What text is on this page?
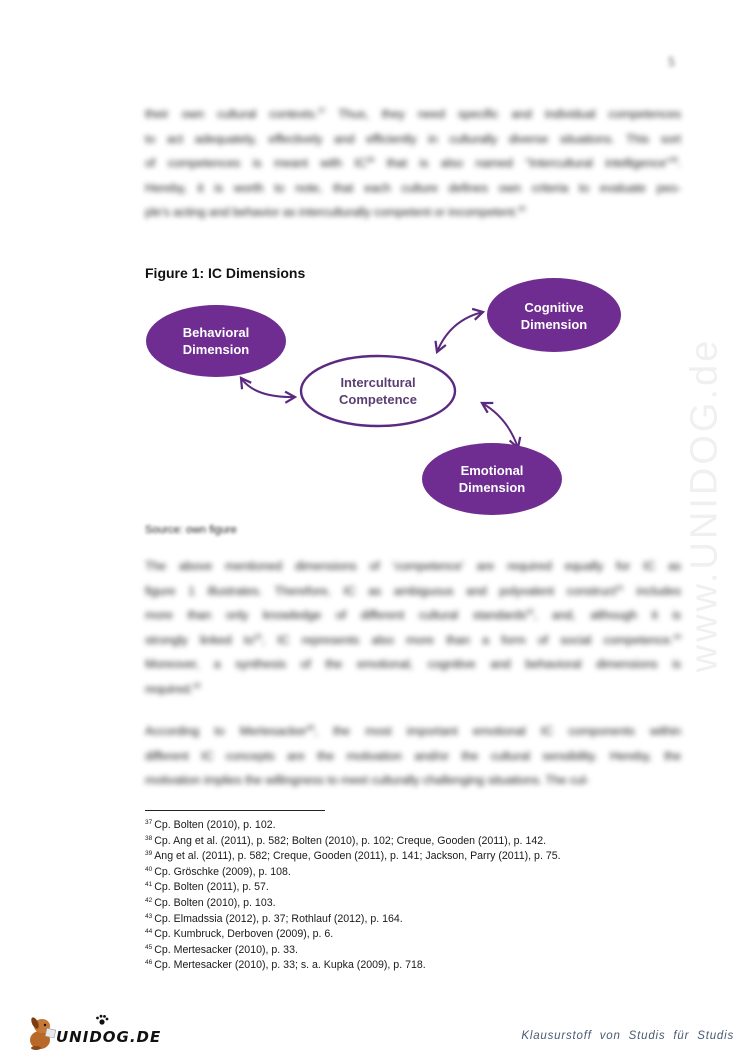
5
www.UNIDOG.de
their own cultural contexts.$^{37}$ Thus, they need specific and individual competences
to act adequately, effectively and efficiently in culturally diverse situations. This sort
of competences is meant with IC$^{38}$ that is also named “Intercultural intelligence”$^{39}$.
Hereby, it is worth to note, that each culture defines own criteria to evaluate peo-
ple’s acting and behavior as interculturally competent or incompetent.$^{40}$
Figure 1: IC Dimensions
Behavioral
Dimension
Cognitive
Dimension
Intercultural
Competence
Emotional
Dimension
Source: own figure
The above mentioned dimensions of ‘competence’ are required equally for IC as
figure 1 illustrates. Therefore, IC as ambiguous and polyvalent construct$^{41}$ includes
more than only knowledge of different cultural standards$^{42}$, and, although it is
strongly linked $to^{43}$, IC represents also more than a form of social competence.$^{44}$
Moreover, a synthesis of the emotional, cognitive and behavioral dimensions is
required.$^{45}$
According to Mertesacker$^{46}$, the most important emotional IC components within
different IC concepts are the motivation and/or the cultural sensibility. Hereby, the
motivation implies the willingness to meet culturally challenging situations. The cul-
$^{37}$ Cp. Bolten (2010), p. 102.
$^{38}$ Cp. Ang et al. (2011), p. 582; Bolten (2010), p. 102; Creque, Gooden (2011), p. 142.
$^{39}$ Ang et al. (2011), p. 582; Creque, Gooden (2011), p. 141; Jackson, Parry (2011), p. 75.
$^{40}$ Cp. Gröschke (2009), p. 108.
$^{41}$ Cp. Bolten (2011), p. 57.
$^{42}$ Cp. Bolten (2010), p. 103.
$^{43}$ Cp. Elmadssia (2012), p. 37; Rothlauf (2012), p. 164.
$^{44}$ Cp. Kumbruck, Derboven (2009), p. 6.
$^{45}$ Cp. Mertesacker (2010), p. 33.
$^{46}$ Cp. Mertesacker (2010), p. 33; s. a. Kupka (2009), p. 718.
UNIDOG.DE	Klausurstoff von Studis für Studis
